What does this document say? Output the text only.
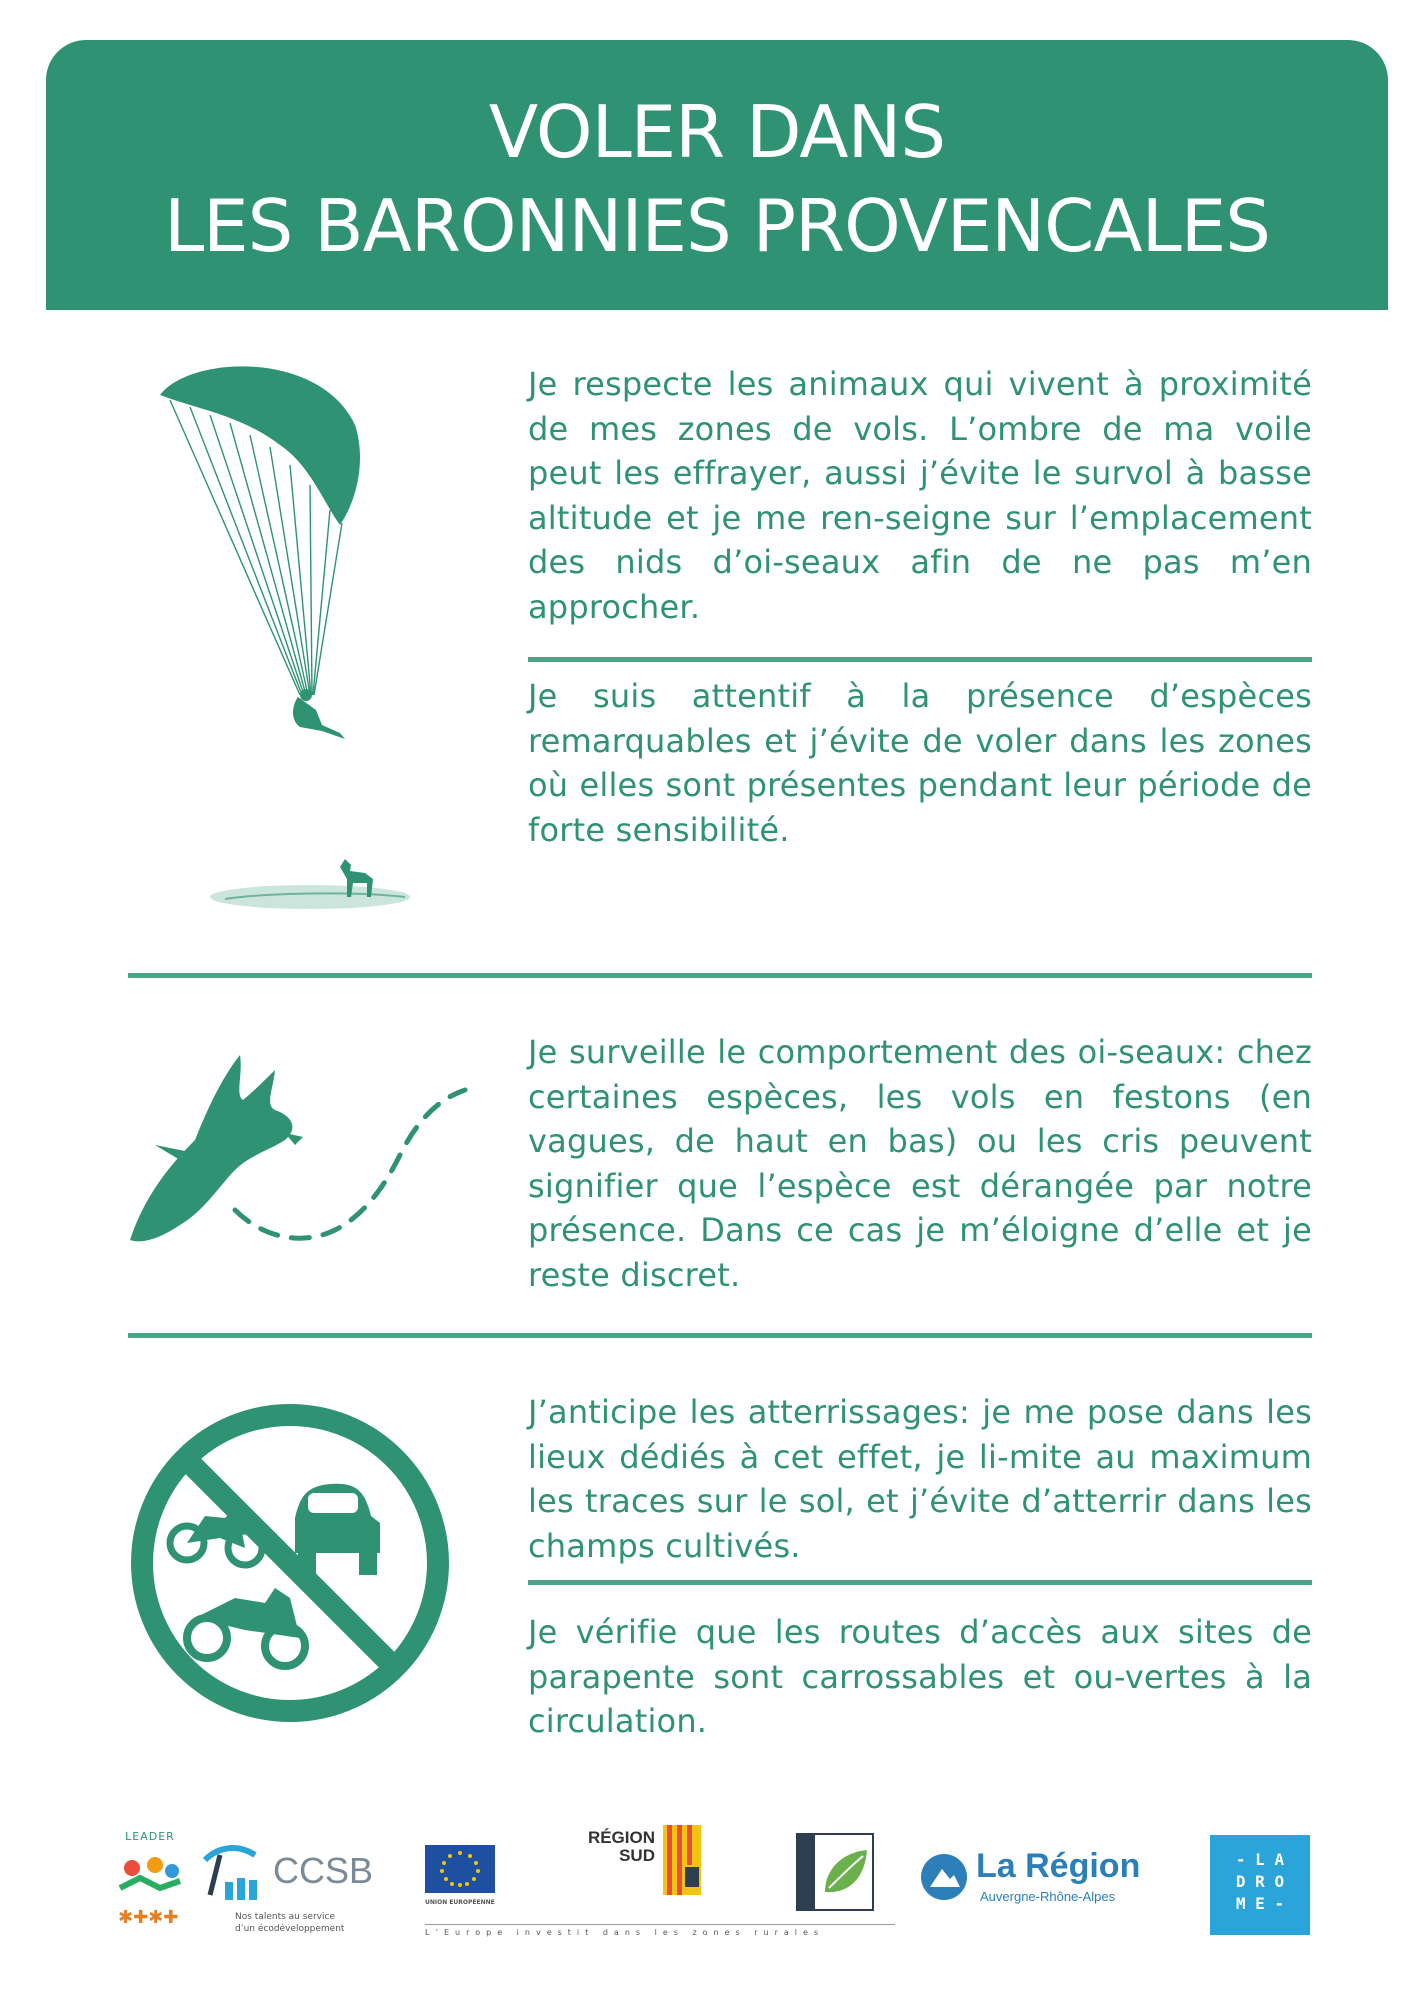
VOLER DANS
LES BARONNIES PROVENCALES
Je respecte les animaux qui vivent à proximité de mes zones de vols. L’ombre de ma voile peut les effrayer, aussi j’évite le survol à basse altitude et je me ren-seigne sur l’emplacement des nids d’oi-seaux afin de ne pas m’en approcher.
Je suis attentif à la présence d’espèces remarquables et j’évite de voler dans les zones où elles sont présentes pendant leur période de forte sensibilité.
Je surveille le comportement des oi-seaux: chez certaines espèces, les vols en festons (en vagues, de haut en bas) ou les cris peuvent signifier que l’espèce est dérangée par notre présence. Dans ce cas je m’éloigne d’elle et je reste discret.
J’anticipe les atterrissages: je me pose dans les lieux dédiés à cet effet, je li-mite au maximum les traces sur le sol, et j’évite d’atterrir dans les champs cultivés.
Je vérifie que les routes d’accès aux sites de parapente sont carrossables et ou-vertes à la circulation.
LEADER
✱✚✱✚
CCSB
Nos talents au service
d’un écodéveloppement
UNION EUROPÉENNE
RÉGION
SUD
L’Europe investit dans les zones rurales
La Région
Auvergne-Rhône-Alpes
- L A
D R O
M E -
